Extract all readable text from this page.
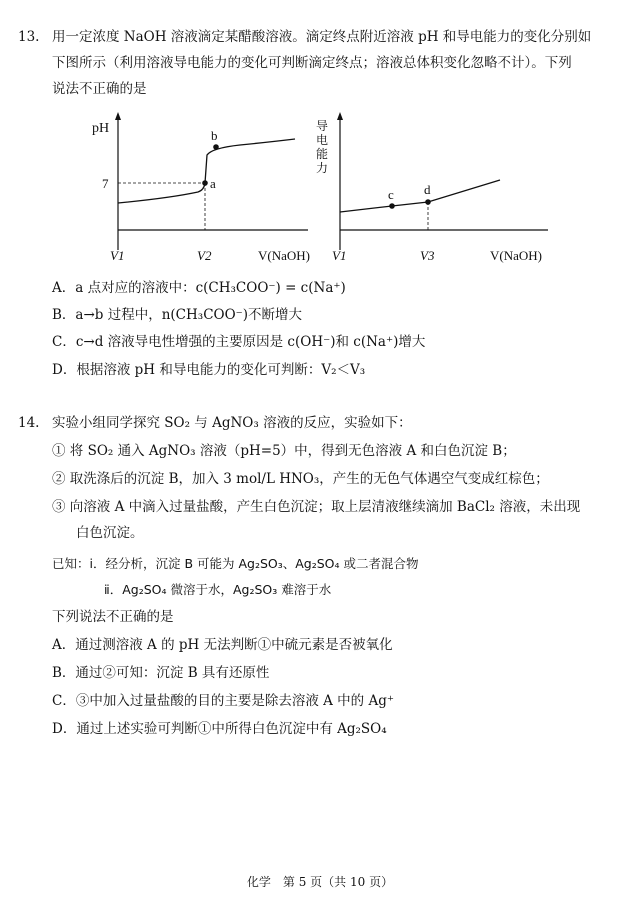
13. 用一定浓度 NaOH 溶液滴定某醋酸溶液。滴定终点附近溶液 pH 和导电能力的变化分别如
下图所示（利用溶液导电能力的变化可判断滴定终点；溶液总体积变化忽略不计）。下列
说法不正确的是
pH
7	a
b
V1	V2	V(NaOH)
导电能力
c d
V1	V3	V(NaOH)
A．a 点对应的溶液中：c(CH₃COO⁻) = c(Na⁺)
B．a→b 过程中，n(CH₃COO⁻)不断增大
C．c→d 溶液导电性增强的主要原因是 c(OH⁻)和 c(Na⁺)增大
D．根据溶液 pH 和导电能力的变化可判断：V₂＜V₃
14. 实验小组同学探究 SO₂ 与 AgNO₃ 溶液的反应，实验如下：
① 将 SO₂ 通入 AgNO₃ 溶液（pH=5）中，得到无色溶液 A 和白色沉淀 B；
② 取洗涤后的沉淀 B，加入 3 mol/L HNO₃，产生的无色气体遇空气变成红棕色；
③ 向溶液 A 中滴入过量盐酸，产生白色沉淀；取上层清液继续滴加 BaCl₂ 溶液，未出现
白色沉淀。
已知：ⅰ．经分析，沉淀 B 可能为 Ag₂SO₃、Ag₂SO₄ 或二者混合物
ⅱ．Ag₂SO₄ 微溶于水，Ag₂SO₃ 难溶于水
下列说法不正确的是
A．通过测溶液 A 的 pH 无法判断①中硫元素是否被氧化
B．通过②可知：沉淀 B 具有还原性
C．③中加入过量盐酸的目的主要是除去溶液 A 中的 Ag⁺
D．通过上述实验可判断①中所得白色沉淀中有 Ag₂SO₄
化学　第 5 页（共 10 页）
